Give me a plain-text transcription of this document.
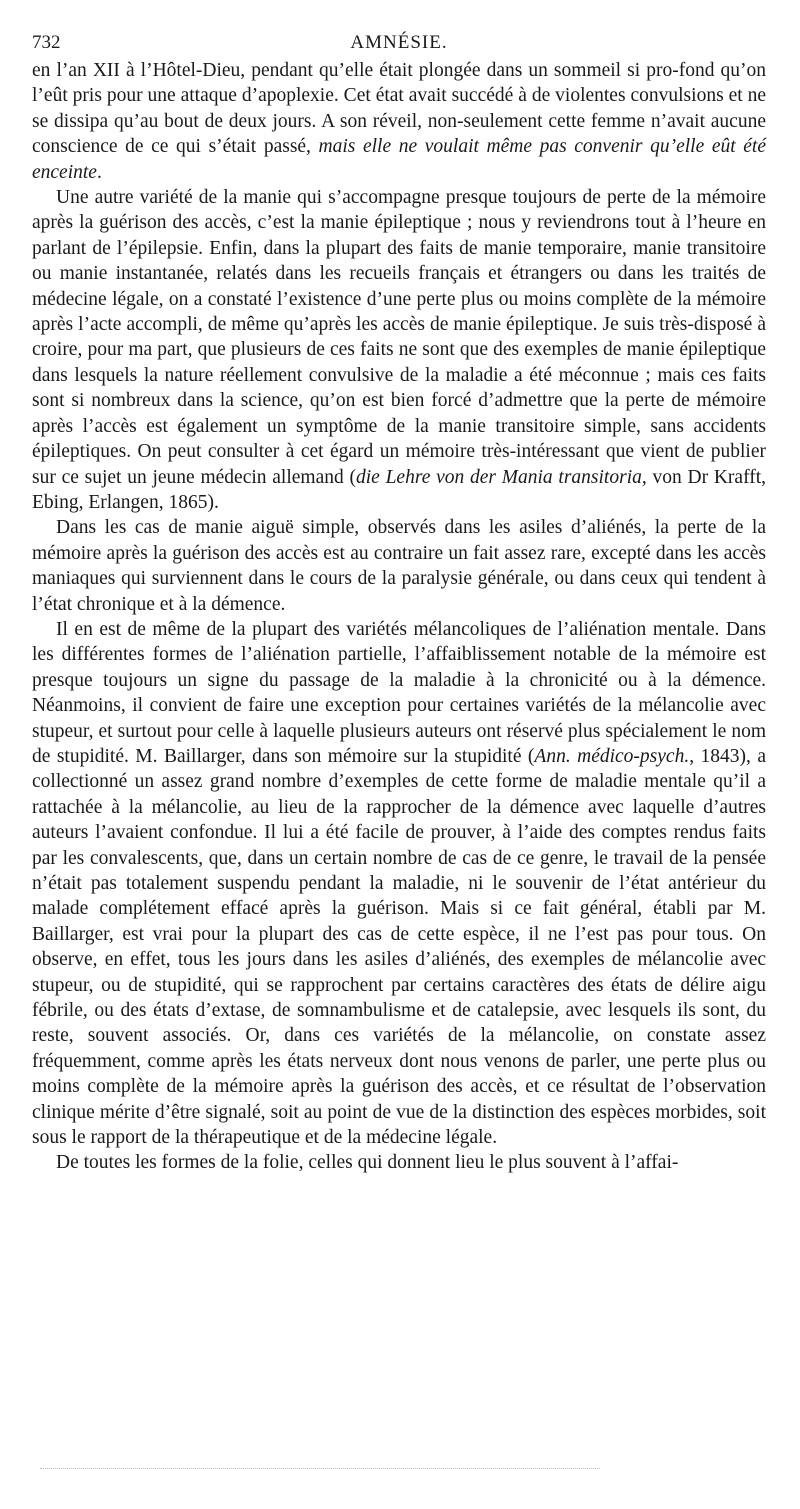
732	AMNÉSIE.

en l’an XII à l’Hôtel-Dieu, pendant qu’elle était plongée dans un sommeil si pro-fond qu’on l’eût pris pour une attaque d’apoplexie. Cet état avait succédé à de violentes convulsions et ne se dissipa qu’au bout de deux jours. A son réveil, non-seulement cette femme n’avait aucune conscience de ce qui s’était passé, mais elle ne voulait même pas convenir qu’elle eût été enceinte.

Une autre variété de la manie qui s’accompagne presque toujours de perte de la mémoire après la guérison des accès, c’est la manie épileptique ; nous y reviendrons tout à l’heure en parlant de l’épilepsie. Enfin, dans la plupart des faits de manie temporaire, manie transitoire ou manie instantanée, relatés dans les recueils français et étrangers ou dans les traités de médecine légale, on a constaté l’existence d’une perte plus ou moins complète de la mémoire après l’acte accompli, de même qu’après les accès de manie épileptique. Je suis très-disposé à croire, pour ma part, que plusieurs de ces faits ne sont que des exemples de manie épileptique dans lesquels la nature réellement convulsive de la maladie a été méconnue ; mais ces faits sont si nombreux dans la science, qu’on est bien forcé d’admettre que la perte de mémoire après l’accès est également un symptôme de la manie transitoire simple, sans accidents épileptiques. On peut consulter à cet égard un mémoire très-intéressant que vient de publier sur ce sujet un jeune médecin allemand (die Lehre von der Mania transitoria, von Dr Krafft, Ebing, Erlangen, 1865).

Dans les cas de manie aiguë simple, observés dans les asiles d’aliénés, la perte de la mémoire après la guérison des accès est au contraire un fait assez rare, excepté dans les accès maniaques qui surviennent dans le cours de la paralysie générale, ou dans ceux qui tendent à l’état chronique et à la démence.

Il en est de même de la plupart des variétés mélancoliques de l’aliénation mentale. Dans les différentes formes de l’aliénation partielle, l’affaiblissement notable de la mémoire est presque toujours un signe du passage de la maladie à la chronicité ou à la démence. Néanmoins, il convient de faire une exception pour certaines variétés de la mélancolie avec stupeur, et surtout pour celle à laquelle plusieurs auteurs ont réservé plus spécialement le nom de stupidité. M. Baillarger, dans son mémoire sur la stupidité (Ann. médico-psych., 1843), a collectionné un assez grand nombre d’exemples de cette forme de maladie mentale qu’il a rattachée à la mélancolie, au lieu de la rapprocher de la démence avec laquelle d’autres auteurs l’avaient confondue. Il lui a été facile de prouver, à l’aide des comptes rendus faits par les convalescents, que, dans un certain nombre de cas de ce genre, le travail de la pensée n’était pas totalement suspendu pendant la maladie, ni le souvenir de l’état antérieur du malade complétement effacé après la guérison. Mais si ce fait général, établi par M. Baillarger, est vrai pour la plupart des cas de cette espèce, il ne l’est pas pour tous. On observe, en effet, tous les jours dans les asiles d’aliénés, des exemples de mélancolie avec stupeur, ou de stupidité, qui se rapprochent par certains caractères des états de délire aigu fébrile, ou des états d’extase, de somnambulisme et de catalepsie, avec lesquels ils sont, du reste, souvent associés. Or, dans ces variétés de la mélancolie, on constate assez fréquemment, comme après les états nerveux dont nous venons de parler, une perte plus ou moins complète de la mémoire après la guérison des accès, et ce résultat de l’observation clinique mérite d’être signalé, soit au point de vue de la distinction des espèces morbides, soit sous le rapport de la thérapeutique et de la médecine légale.

De toutes les formes de la folie, celles qui donnent lieu le plus souvent à l’affai-
